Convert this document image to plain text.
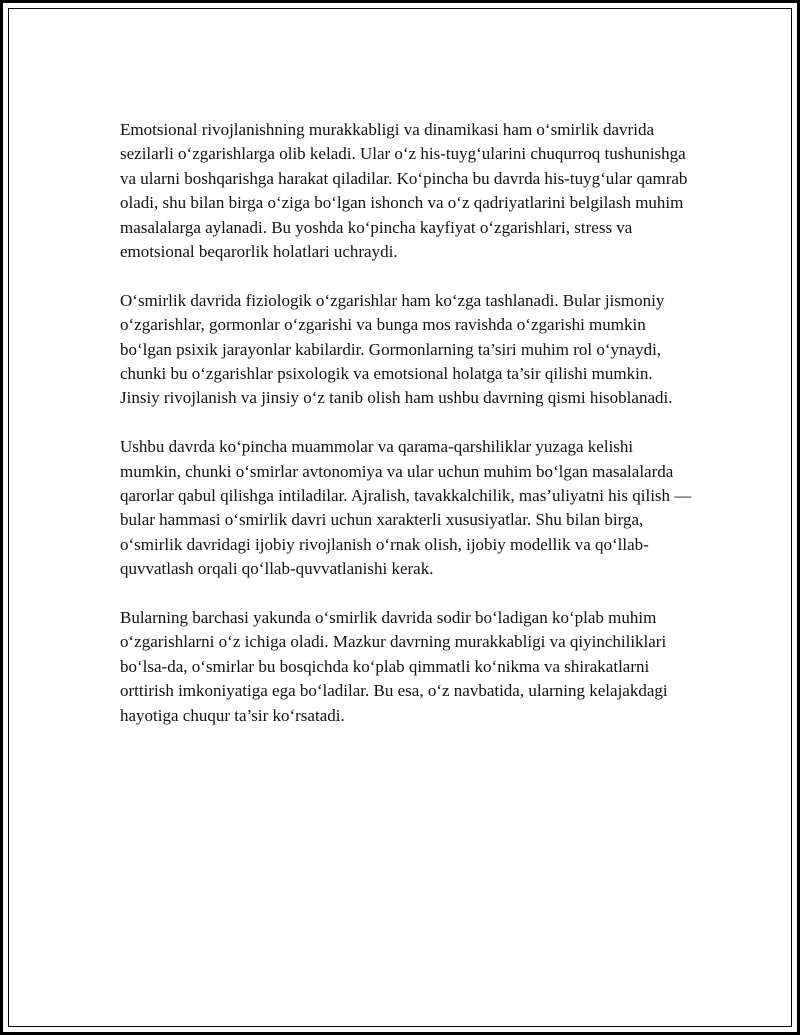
Emotsional rivojlanishning murakkabligi va dinamikasi ham o‘smirlik davrida sezilarli o‘zgarishlarga olib keladi. Ular o‘z his-tuyg‘ularini chuqurroq tushunishga va ularni boshqarishga harakat qiladilar. Ko‘pincha bu davrda his-tuyg‘ular qamrab oladi, shu bilan birga o‘ziga bo‘lgan ishonch va o‘z qadriyatlarini belgilash muhim masalalarga aylanadi. Bu yoshda ko‘pincha kayfiyat o‘zgarishlari, stress va emotsional beqarorlik holatlari uchraydi.

O‘smirlik davrida fiziologik o‘zgarishlar ham ko‘zga tashlanadi. Bular jismoniy o‘zgarishlar, gormonlar o‘zgarishi va bunga mos ravishda o‘zgarishi mumkin bo‘lgan psixik jarayonlar kabilardir. Gormonlarning ta’siri muhim rol o‘ynaydi, chunki bu o‘zgarishlar psixologik va emotsional holatga ta’sir qilishi mumkin. Jinsiy rivojlanish va jinsiy o‘z tanib olish ham ushbu davrning qismi hisoblanadi.

Ushbu davrda ko‘pincha muammolar va qarama-qarshiliklar yuzaga kelishi mumkin, chunki o‘smirlar avtonomiya va ular uchun muhim bo‘lgan masalalarda qarorlar qabul qilishga intiladilar. Ajralish, tavakkalchilik, mas’uliyatni his qilish — bular hammasi o‘smirlik davri uchun xarakterli xususiyatlar. Shu bilan birga, o‘smirlik davridagi ijobiy rivojlanish o‘rnak olish, ijobiy modellik va qo‘llab-quvvatlash orqali qo‘llab-quvvatlanishi kerak.

Bularning barchasi yakunda o‘smirlik davrida sodir bo‘ladigan ko‘plab muhim o‘zgarishlarni o‘z ichiga oladi. Mazkur davrning murakkabligi va qiyinchiliklari bo‘lsa-da, o‘smirlar bu bosqichda ko‘plab qimmatli ko‘nikma va shirakatlarni orttirish imkoniyatiga ega bo‘ladilar. Bu esa, o‘z navbatida, ularning kelajakdagi hayotiga chuqur ta’sir ko‘rsatadi.
